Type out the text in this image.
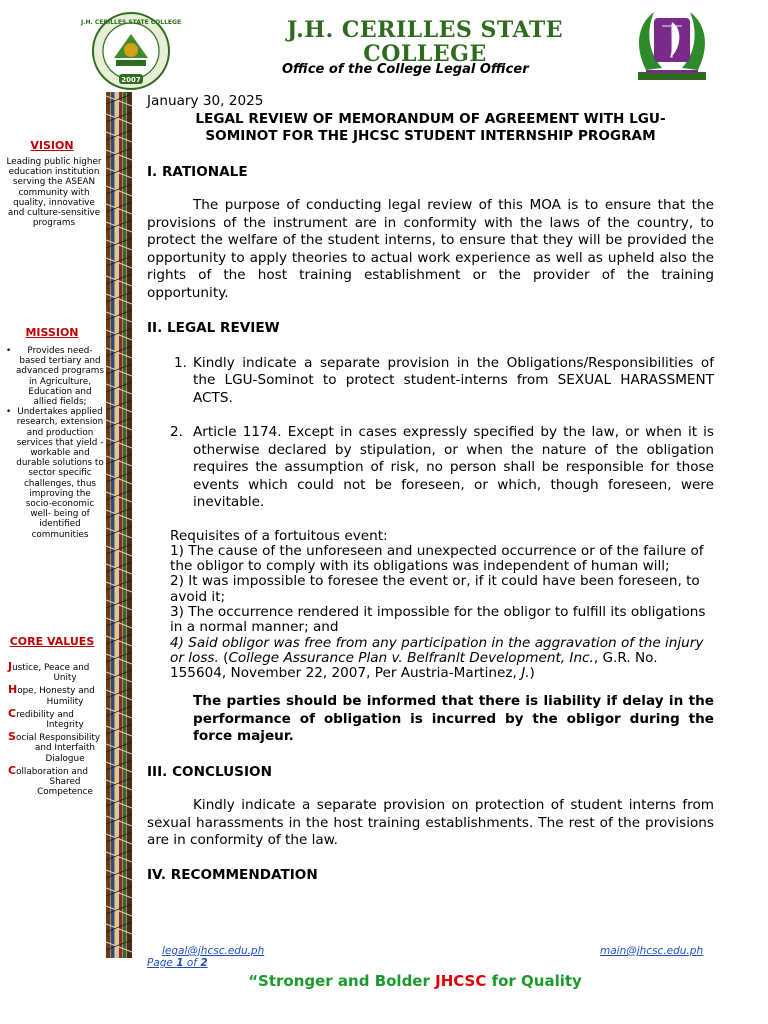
J.H. CERILLES STATE COLLEGE
2007
J.H. CERILLES STATE COLLEGE
Office of the College Legal Officer
VISION
Leading public higher education institution serving the ASEAN community with quality, innovative and culture-sensitive programs
MISSION
• Provides need-based tertiary and advanced programs in Agriculture, Education and allied fields;
• Undertakes applied research, extension and production services that yield - workable and durable solutions to sector specific challenges, thus improving the socio-economic well- being of identified communities
CORE VALUES
Justice, Peace and
Unity
Hope, Honesty and
Humility
Credibility and
Integrity
Social Responsibility
and Interfaith Dialogue
Collaboration and
Shared Competence

January 30, 2025

LEGAL REVIEW OF MEMORANDUM OF AGREEMENT WITH LGU-SOMINOT FOR THE JHCSC STUDENT INTERNSHIP PROGRAM

I. RATIONALE

The purpose of conducting legal review of this MOA is to ensure that the provisions of the instrument are in conformity with the laws of the country, to protect the welfare of the student interns, to ensure that they will be provided the opportunity to apply theories to actual work experience as well as upheld also the rights of the host training establishment or the provider of the training opportunity.

II. LEGAL REVIEW

1. Kindly indicate a separate provision in the Obligations/Responsibilities of the LGU-Sominot to protect student-interns from SEXUAL HARASSMENT ACTS.
2. Article 1174. Except in cases expressly specified by the law, or when it is otherwise declared by stipulation, or when the nature of the obligation requires the assumption of risk, no person shall be responsible for those events which could not be foreseen, or which, though foreseen, were inevitable.

Requisites of a fortuitous event:

1) The cause of the unforeseen and unexpected occurrence or of the failure of the obligor to comply with its obligations was independent of human will;

2) It was impossible to foresee the event or, if it could have been foreseen, to avoid it;

3) The occurrence rendered it impossible for the obligor to fulfill its obligations in a normal manner; and

4) Said obligor was free from any participation in the aggravation of the injury or loss. (College Assurance Plan v. Belfranlt Development, Inc., G.R. No. 155604, November 22, 2007, Per Austria-Martinez, J.)

The parties should be informed that there is liability if delay in the performance of obligation is incurred by the obligor during the force majeur.

III. CONCLUSION

Kindly indicate a separate provision on protection of student interns from sexual harassments in the host training establishments. The rest of the provisions are in conformity of the law.

IV. RECOMMENDATION

legal@jhcsc.edu.ph	main@jhcsc.edu.ph
Page 1 of 2
“Stronger and Bolder JHCSC for Quality
